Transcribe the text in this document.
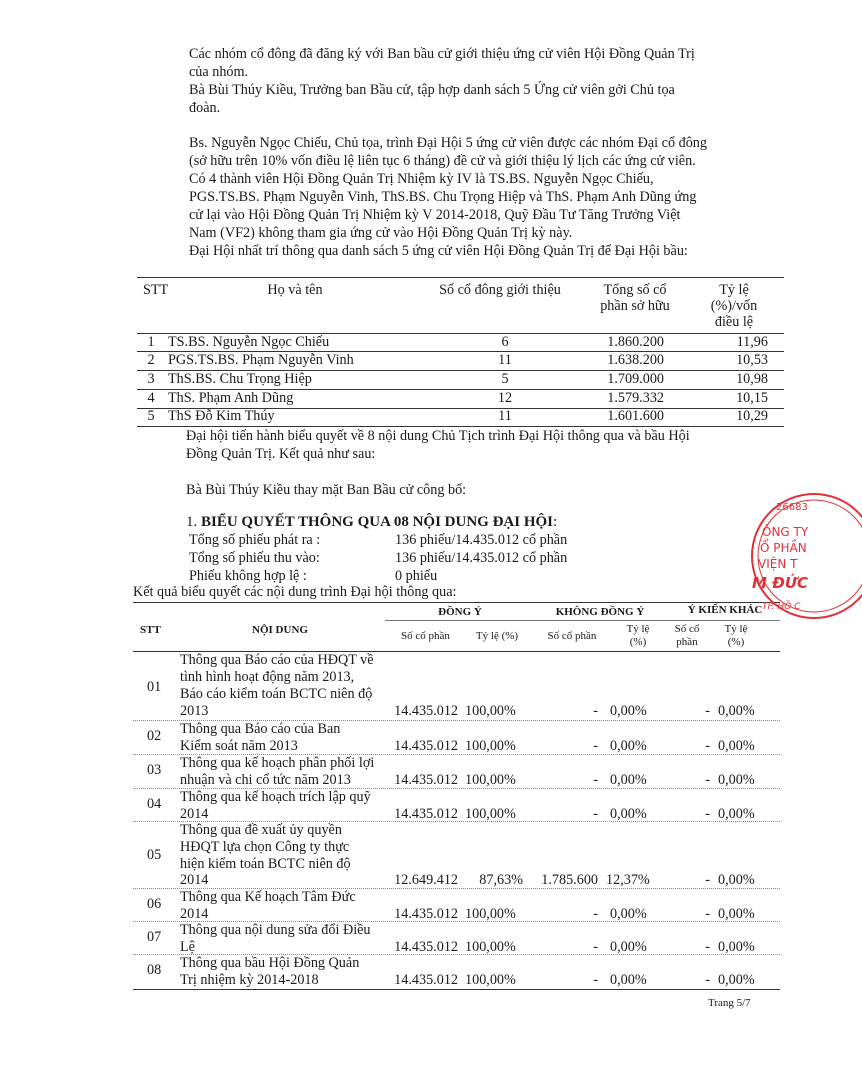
Các nhóm cổ đông đã đăng ký với Ban bầu cử giới thiệu ứng cử viên Hội Đồng Quản Trị
của nhóm.
Bà Bùi Thúy Kiều, Trưởng ban Bầu cử, tập hợp danh sách 5 Ứng cử viên gởi Chủ tọa
đoàn.
Bs. Nguyễn Ngọc Chiếu, Chủ tọa, trình Đại Hội 5 ứng cử viên được các nhóm Đại cổ đông
(sở hữu trên 10% vốn điều lệ liên tục 6 tháng) đề cử và giới thiệu lý lịch các ứng cử viên.
Có 4 thành viên Hội Đồng Quản Trị Nhiệm kỳ IV là TS.BS. Nguyễn Ngọc Chiếu,
PGS.TS.BS. Phạm Nguyễn Vinh, ThS.BS. Chu Trọng Hiệp và ThS. Phạm Anh Dũng ứng
cử lại vào Hội Đồng Quản Trị Nhiệm kỳ V 2014-2018, Quỹ Đầu Tư Tăng Trưởng Việt
Nam (VF2) không tham gia ứng cử vào Hội Đồng Quản Trị kỳ này.
Đại Hội nhất trí thông qua danh sách 5 ứng cử viên Hội Đồng Quản Trị để Đại Hội bầu:
STT	Họ và tên	Số cổ đông giới thiệu	Tổng số cổ
phần sở hữu
Tỷ lệ
(%)/vốn
điều lệ
1 TS.BS. Nguyễn Ngọc Chiếu	6	1.860.200	11,96
2 PGS.TS.BS. Phạm Nguyễn Vinh	11	1.638.200	10,53
3 ThS.BS. Chu Trọng Hiệp	5	1.709.000	10,98
4 ThS. Phạm Anh Dũng	12	1.579.332	10,15
5 ThS Đỗ Kim Thúy	11	1.601.600	10,29
Đại hội tiến hành biểu quyết về 8 nội dung Chủ Tịch trình Đại Hội thông qua và bầu Hội
Đồng Quản Trị. Kết quả như sau:
Bà Bùi Thúy Kiều thay mặt Ban Bầu cử công bố:
1. BIỂU QUYẾT THÔNG QUA 08 NỘI DUNG ĐẠI HỘI:
Tổng số phiếu phát ra :	136 phiếu/14.435.012 cổ phần
Tổng số phiếu thu vào:	136 phiếu/14.435.012 cổ phần
Phiếu không hợp lệ :	0 phiếu
Kết quả biểu quyết các nội dung trình Đại hội thông qua:
STT	NỘI DUNG
ĐỒNG Ý	KHÔNG ĐỒNG Ý	Ý KIẾN KHÁC
Số cổ phần	Tỷ lệ (%)	Số cổ phần
Tỷ lệ
(%)
Số cổ
phần
Tỷ lệ
(%)
01
Thông qua Báo cáo của HĐQT về
tình hình hoạt động năm 2013,
Báo cáo kiểm toán BCTC niên độ
2013	14.435.012 100,00%	- 0,00%	- 0,00%
02 Thông qua Báo cáo của Ban
Kiểm soát năm 2013	14.435.012 100,00%	- 0,00%	- 0,00%
03 Thông qua kế hoạch phân phối lợi
nhuận và chi cổ tức năm 2013	14.435.012 100,00%	- 0,00%	- 0,00%
04 Thông qua kế hoạch trích lập quỹ
2014	14.435.012 100,00%	- 0,00%	- 0,00%
05
Thông qua đề xuất ủy quyền
HĐQT lựa chọn Công ty thực
hiện kiểm toán BCTC niên độ
2014	12.649.412	87,63%	1.785.600 12,37%	- 0,00%
06 Thông qua Kế hoạch Tâm Đức
2014	14.435.012 100,00%	- 0,00%	- 0,00%
07 Thông qua nội dung sửa đổi Điều
Lệ	14.435.012 100,00%	- 0,00%	- 0,00%
08 Thông qua bầu Hội Đồng Quản
Trị nhiệm kỳ 2014-2018	14.435.012 100,00%	- 0,00%	- 0,00%
26683
ÔNG TY
Ổ PHẦN
VIỆN T
M ĐỨC
TP. HỒ C
Trang 5/7
